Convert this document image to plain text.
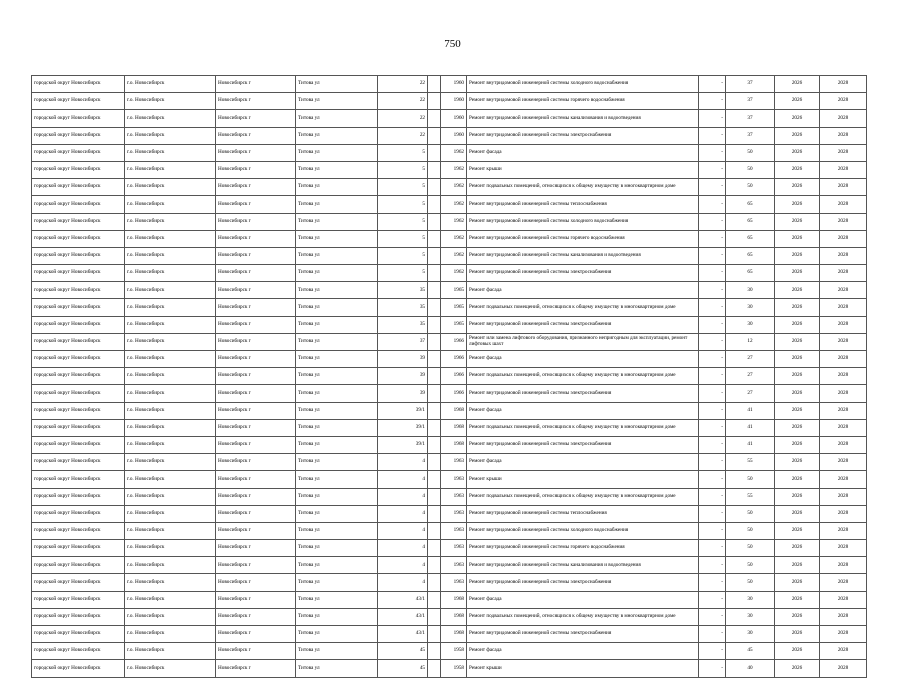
750
городской округ Новосибирск	г.о. Новосибирск	Новосибирск г	Титова ул	22		1960	Ремонт внутридомовой инженерной системы холодного водоснабжения	-	37	2026	2028
городской округ Новосибирск	г.о. Новосибирск	Новосибирск г	Титова ул	22		1960	Ремонт внутридомовой инженерной системы горячего водоснабжения	-	37	2026	2028
городской округ Новосибирск	г.о. Новосибирск	Новосибирск г	Титова ул	22		1960	Ремонт внутридомовой инженерной системы канализования и водоотведения	-	37	2026	2028
городской округ Новосибирск	г.о. Новосибирск	Новосибирск г	Титова ул	22		1960	Ремонт внутридомовой инженерной системы электроснабжения	-	37	2026	2028
городской округ Новосибирск	г.о. Новосибирск	Новосибирск г	Титова ул	5		1962	Ремонт фасада	-	50	2026	2028
городской округ Новосибирск	г.о. Новосибирск	Новосибирск г	Титова ул	5		1962	Ремонт крыши	-	50	2026	2028
городской округ Новосибирск	г.о. Новосибирск	Новосибирск г	Титова ул	5		1962	Ремонт подвальных помещений, относящихся к общему имуществу в многоквартирном доме	-	50	2026	2028
городской округ Новосибирск	г.о. Новосибирск	Новосибирск г	Титова ул	5		1962	Ремонт внутридомовой инженерной системы теплоснабжения	-	65	2026	2028
городской округ Новосибирск	г.о. Новосибирск	Новосибирск г	Титова ул	5		1962	Ремонт внутридомовой инженерной системы холодного водоснабжения	-	65	2026	2028
городской округ Новосибирск	г.о. Новосибирск	Новосибирск г	Титова ул	5		1962	Ремонт внутридомовой инженерной системы горячего водоснабжения	-	65	2026	2028
городской округ Новосибирск	г.о. Новосибирск	Новосибирск г	Титова ул	5		1962	Ремонт внутридомовой инженерной системы канализования и водоотведения	-	65	2026	2028
городской округ Новосибирск	г.о. Новосибирск	Новосибирск г	Титова ул	5		1962	Ремонт внутридомовой инженерной системы электроснабжения	-	65	2026	2028
городской округ Новосибирск	г.о. Новосибирск	Новосибирск г	Титова ул	35		1965	Ремонт фасада	-	30	2026	2028
городской округ Новосибирск	г.о. Новосибирск	Новосибирск г	Титова ул	35		1965	Ремонт подвальных помещений, относящихся к общему имуществу в многоквартирном доме	-	30	2026	2028
городской округ Новосибирск	г.о. Новосибирск	Новосибирск г	Титова ул	35		1965	Ремонт внутридомовой инженерной системы электроснабжения	-	30	2026	2028
городской округ Новосибирск	г.о. Новосибирск	Новосибирск г	Титова ул	37		1966	Ремонт или замена лифтового оборудования, признанного непригодным для эксплуатации, ремонт лифтовых шахт	-	12	2026	2028
городской округ Новосибирск	г.о. Новосибирск	Новосибирск г	Титова ул	39		1966	Ремонт фасада	-	27	2026	2028
городской округ Новосибирск	г.о. Новосибирск	Новосибирск г	Титова ул	39		1966	Ремонт подвальных помещений, относящихся к общему имуществу в многоквартирном доме	-	27	2026	2028
городской округ Новосибирск	г.о. Новосибирск	Новосибирск г	Титова ул	39		1966	Ремонт внутридомовой инженерной системы электроснабжения	-	27	2026	2028
городской округ Новосибирск	г.о. Новосибирск	Новосибирск г	Титова ул	39/1		1968	Ремонт фасада	-	41	2026	2028
городской округ Новосибирск	г.о. Новосибирск	Новосибирск г	Титова ул	39/1		1968	Ремонт подвальных помещений, относящихся к общему имуществу в многоквартирном доме	-	41	2026	2028
городской округ Новосибирск	г.о. Новосибирск	Новосибирск г	Титова ул	39/1		1968	Ремонт внутридомовой инженерной системы электроснабжения	-	41	2026	2028
городской округ Новосибирск	г.о. Новосибирск	Новосибирск г	Титова ул	4		1963	Ремонт фасада	-	55	2026	2028
городской округ Новосибирск	г.о. Новосибирск	Новосибирск г	Титова ул	4		1963	Ремонт крыши	-	50	2026	2028
городской округ Новосибирск	г.о. Новосибирск	Новосибирск г	Титова ул	4		1963	Ремонт подвальных помещений, относящихся к общему имуществу в многоквартирном доме	-	55	2026	2028
городской округ Новосибирск	г.о. Новосибирск	Новосибирск г	Титова ул	4		1963	Ремонт внутридомовой инженерной системы теплоснабжения	-	50	2026	2028
городской округ Новосибирск	г.о. Новосибирск	Новосибирск г	Титова ул	4		1963	Ремонт внутридомовой инженерной системы холодного водоснабжения	-	50	2026	2028
городской округ Новосибирск	г.о. Новосибирск	Новосибирск г	Титова ул	4		1963	Ремонт внутридомовой инженерной системы горячего водоснабжения	-	50	2026	2028
городской округ Новосибирск	г.о. Новосибирск	Новосибирск г	Титова ул	4		1963	Ремонт внутридомовой инженерной системы канализования и водоотведения	-	50	2026	2028
городской округ Новосибирск	г.о. Новосибирск	Новосибирск г	Титова ул	4		1963	Ремонт внутридомовой инженерной системы электроснабжения	-	50	2026	2028
городской округ Новосибирск	г.о. Новосибирск	Новосибирск г	Титова ул	43/1		1968	Ремонт фасада	-	30	2026	2028
городской округ Новосибирск	г.о. Новосибирск	Новосибирск г	Титова ул	43/1		1968	Ремонт подвальных помещений, относящихся к общему имуществу в многоквартирном доме	-	30	2026	2028
городской округ Новосибирск	г.о. Новосибирск	Новосибирск г	Титова ул	43/1		1968	Ремонт внутридомовой инженерной системы электроснабжения	-	30	2026	2028
городской округ Новосибирск	г.о. Новосибирск	Новосибирск г	Титова ул	45		1958	Ремонт фасада	-	45	2026	2028
городской округ Новосибирск	г.о. Новосибирск	Новосибирск г	Титова ул	45		1958	Ремонт крыши	-	40	2026	2028
